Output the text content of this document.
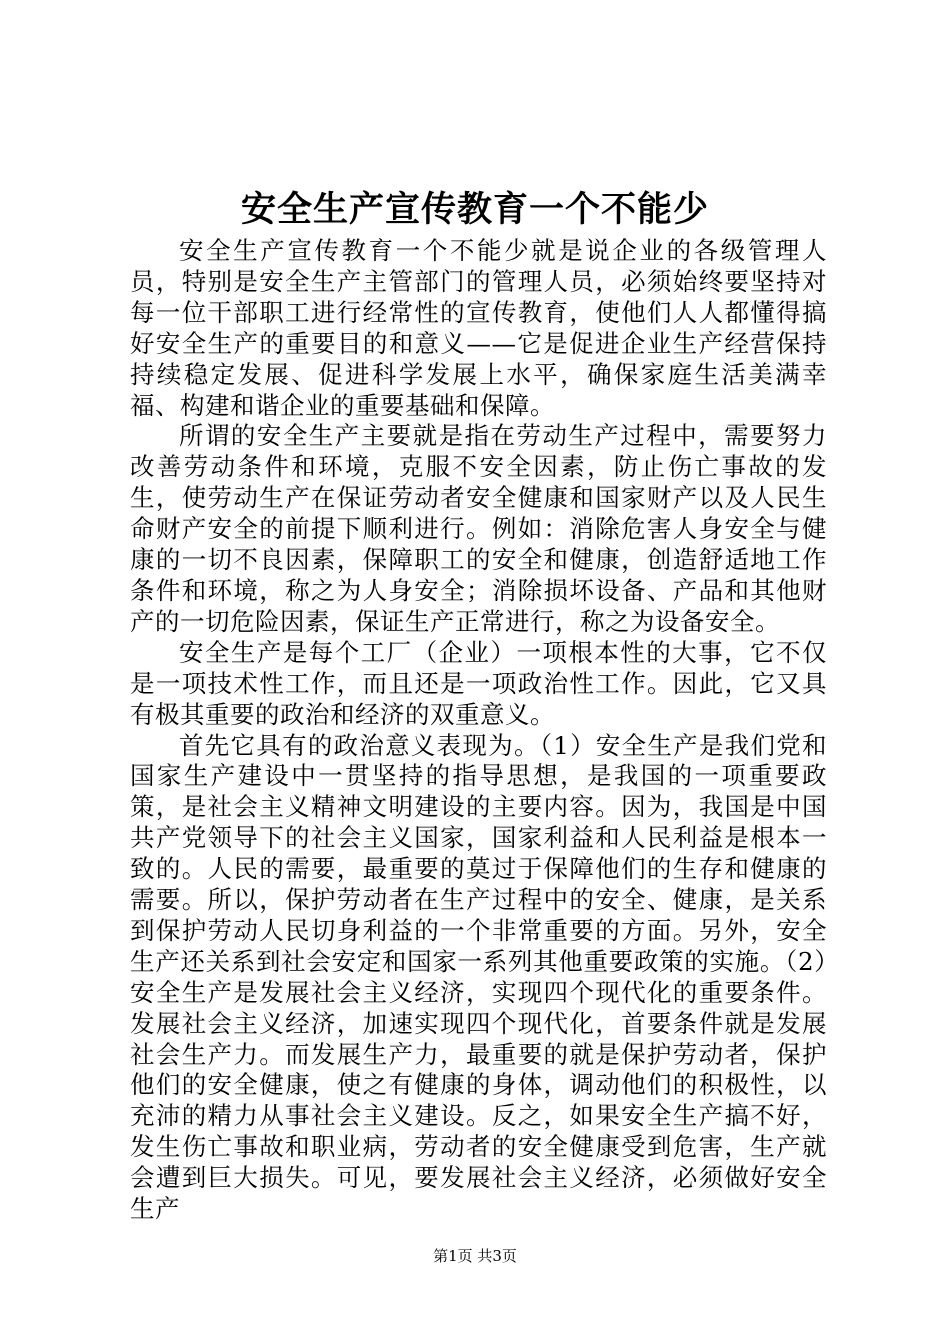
安全生产宣传教育一个不能少

安全生产宣传教育一个不能少就是说企业的各级管理人员，特别是安全生产主管部门的管理人员，必须始终要坚持对每一位干部职工进行经常性的宣传教育，使他们人人都懂得搞好安全生产的重要目的和意义——它是促进企业生产经营保持持续稳定发展、促进科学发展上水平，确保家庭生活美满幸福、构建和谐企业的重要基础和保障。

所谓的安全生产主要就是指在劳动生产过程中，需要努力改善劳动条件和环境，克服不安全因素，防止伤亡事故的发生，使劳动生产在保证劳动者安全健康和国家财产以及人民生命财产安全的前提下顺利进行。例如：消除危害人身安全与健康的一切不良因素，保障职工的安全和健康，创造舒适地工作条件和环境，称之为人身安全；消除损坏设备、产品和其他财产的一切危险因素，保证生产正常进行，称之为设备安全。

安全生产是每个工厂（企业）一项根本性的大事，它不仅是一项技术性工作，而且还是一项政治性工作。因此，它又具有极其重要的政治和经济的双重意义。

首先它具有的政治意义表现为。（1）安全生产是我们党和国家生产建设中一贯坚持的指导思想，是我国的一项重要政策，是社会主义精神文明建设的主要内容。因为，我国是中国共产党领导下的社会主义国家，国家利益和人民利益是根本一致的。人民的需要，最重要的莫过于保障他们的生存和健康的需要。所以，保护劳动者在生产过程中的安全、健康，是关系到保护劳动人民切身利益的一个非常重要的方面。另外，安全生产还关系到社会安定和国家一系列其他重要政策的实施。（2）安全生产是发展社会主义经济，实现四个现代化的重要条件。发展社会主义经济，加速实现四个现代化，首要条件就是发展社会生产力。而发展生产力，最重要的就是保护劳动者，保护他们的安全健康，使之有健康的身体，调动他们的积极性，以充沛的精力从事社会主义建设。反之，如果安全生产搞不好，发生伤亡事故和职业病，劳动者的安全健康受到危害，生产就会遭到巨大损失。可见，要发展社会主义经济，必须做好安全生产

第1页 共3页
